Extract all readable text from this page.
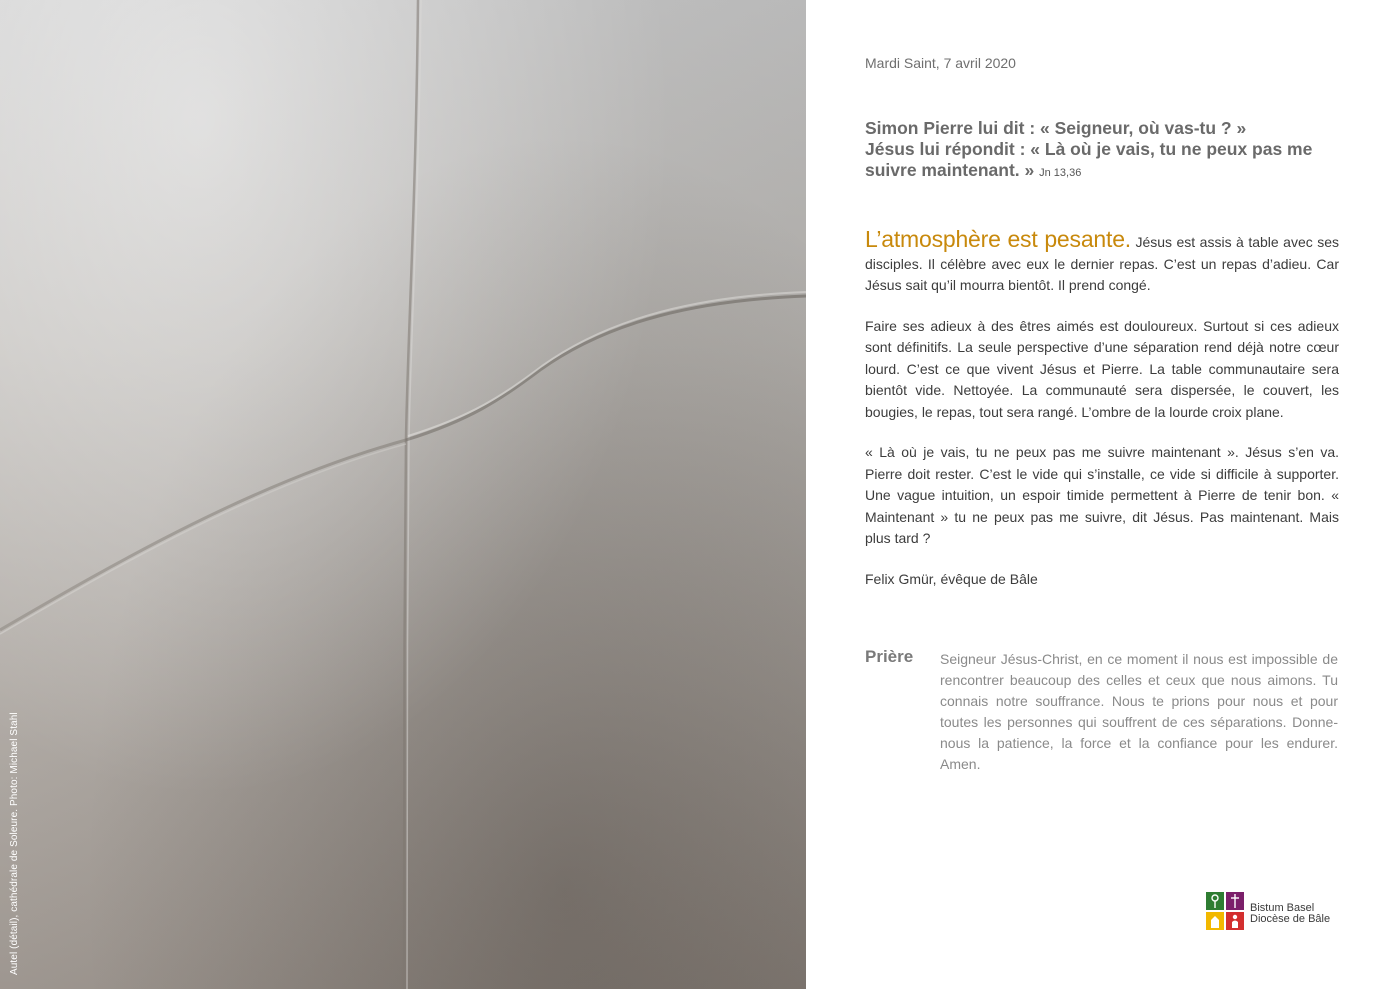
Autel (détail), cathédrale de Soleure. Photo: Michael Stahl
Mardi Saint, 7 avril 2020
Simon Pierre lui dit : « Seigneur, où vas-tu ? »
Jésus lui répondit : « Là où je vais, tu ne peux pas me suivre maintenant. » Jn 13,36

L’atmosphère est pesante. Jésus est assis à table avec ses disciples. Il célèbre avec eux le dernier repas. C’est un repas d’adieu. Car Jésus sait qu’il mourra bientôt. Il prend congé.

Faire ses adieux à des êtres aimés est douloureux. Surtout si ces adieux sont définitifs. La seule perspective d’une séparation rend déjà notre cœur lourd. C’est ce que vivent Jésus et Pierre. La table communautaire sera bientôt vide. Nettoyée. La communauté sera dispersée, le couvert, les bougies, le repas, tout sera rangé. L’ombre de la lourde croix plane.

« Là où je vais, tu ne peux pas me suivre maintenant ». Jésus s’en va. Pierre doit rester. C’est le vide qui s’installe, ce vide si difficile à supporter. Une vague intuition, un espoir timide permettent à Pierre de tenir bon. « Maintenant » tu ne peux pas me suivre, dit Jésus. Pas maintenant. Mais plus tard ?

Felix Gmür, évêque de Bâle

Prière Seigneur Jésus-Christ, en ce moment il nous est impossible de rencontrer beaucoup des celles et ceux que nous aimons. Tu connais notre souffrance. Nous te prions pour nous et pour toutes les personnes qui souffrent de ces séparations. Donne-nous la patience, la force et la confiance pour les endurer. Amen.
Bistum Basel
Diocèse de Bâle
